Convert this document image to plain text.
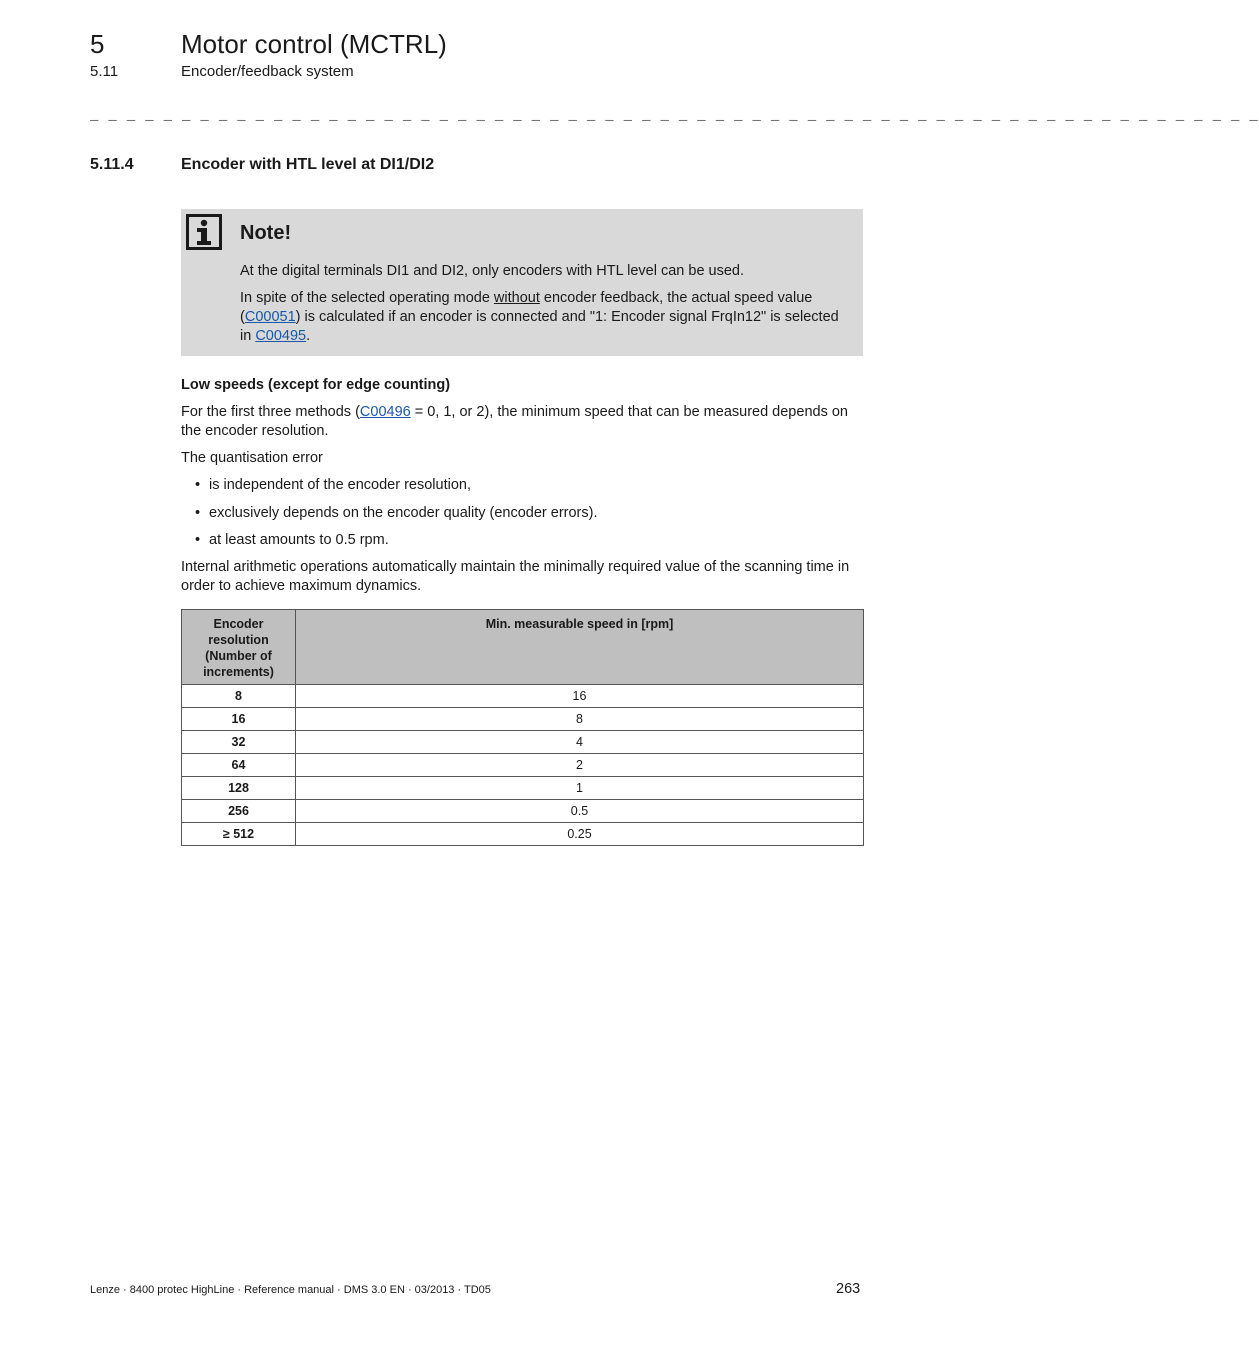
5	Motor control (MCTRL)
5.11	Encoder/feedback system
_ _ _ _ _ _ _ _ _ _ _ _ _ _ _ _ _ _ _ _ _ _ _ _ _ _ _ _ _ _ _ _ _ _ _ _ _ _ _ _ _ _ _ _ _ _ _ _ _ _ _ _ _ _ _ _ _ _ _ _ _ _ _ _
5.11.4	Encoder with HTL level at DI1/DI2
Note!
At the digital terminals DI1 and DI2, only encoders with HTL level can be used.
In spite of the selected operating mode without encoder feedback, the actual speed value (C00051) is calculated if an encoder is connected and "1: Encoder signal FrqIn12" is selected in C00495.
Low speeds (except for edge counting)
For the first three methods (C00496 = 0, 1, or 2), the minimum speed that can be measured depends on the encoder resolution.
The quantisation error
• is independent of the encoder resolution,
• exclusively depends on the encoder quality (encoder errors).
• at least amounts to 0.5 rpm.
Internal arithmetic operations automatically maintain the minimally required value of the scanning time in order to achieve maximum dynamics.
Encoder resolution (Number of increments)	Min. measurable speed in [rpm]
8	16
16	8
32	4
64	2
128	1
256	0.5
≥ 512	0.25
Lenze · 8400 protec HighLine · Reference manual · DMS 3.0 EN · 03/2013 · TD05	263
